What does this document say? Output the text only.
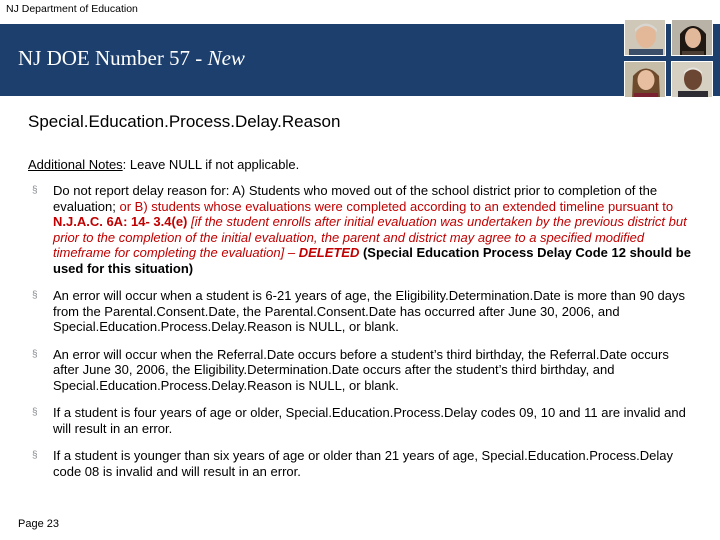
NJ Department of Education
NJ DOE Number 57 - New
Special.Education.Process.Delay.Reason
Additional Notes: Leave NULL if not applicable.
§ Do not report delay reason for: A) Students who moved out of the school district prior to completion of the evaluation; or B) students whose evaluations were completed according to an extended timeline pursuant to N.J.A.C. 6A: 14- 3.4(e) [if the student enrolls after initial evaluation was undertaken by the previous district but prior to the completion of the initial evaluation, the parent and district may agree to a specified modified timeframe for completing the evaluation] – DELETED (Special Education Process Delay Code 12 should be used for this situation)
§ An error will occur when a student is 6-21 years of age, the Eligibility.Determination.Date is more than 90 days from the Parental.Consent.Date, the Parental.Consent.Date has occurred after June 30, 2006, and Special.Education.Process.Delay.Reason is NULL, or blank.
§ An error will occur when the Referral.Date occurs before a student’s third birthday, the Referral.Date occurs after June 30, 2006, the Eligibility.Determination.Date occurs after the student’s third birthday, and Special.Education.Process.Delay.Reason is NULL, or blank.
§ If a student is four years of age or older, Special.Education.Process.Delay codes 09, 10 and 11 are invalid and will result in an error.
§ If a student is younger than six years of age or older than 21 years of age, Special.Education.Process.Delay code 08 is invalid and will result in an error.
Page 23
